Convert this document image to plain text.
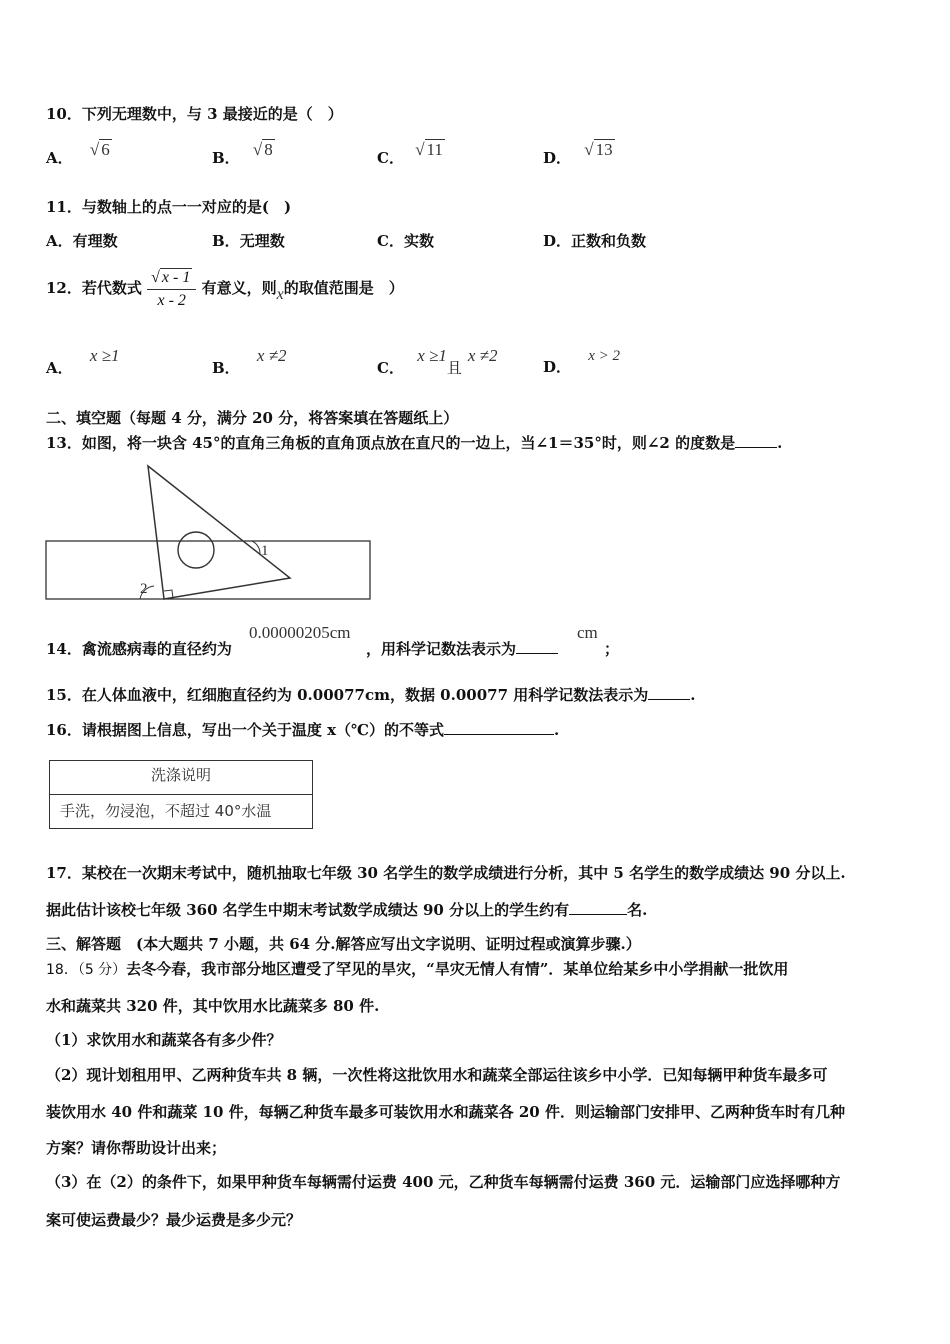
10．下列无理数中，与 3 最接近的是（　）
A． √ 6	B． √ 8	C． √ 11	D． √ 13
11．与数轴上的点一一对应的是(　)
A．有理数	B．无理数	C．实数	D．正数和负数
12．若代数式 $\frac{√ x - 1}{x - 2}$ 有意义，则x的取值范围是　）
A． x ≥1
B． x ≠2
C． x ≥1且x ≠2
D． x > 2
二、填空题（每题 4 分，满分 20 分，将答案填在答题纸上）
13．如图，将一块含 45°的直角三角板的直角顶点放在直尺的一边上，当∠1＝35°时，则∠2 的度数是	.
1
2
14．禽流感病毒的直径约为
0.00000205cm
，用科学记数法表示为
cm
；
15．在人体血液中，红细胞直径约为 0.00077cm，数据 0.00077 用科学记数法表示为	.
16．请根据图上信息，写出一个关于温度 x（℃）的不等式	.
洗涤说明
手洗，勿浸泡，不超过 40°水温
17．某校在一次期末考试中，随机抽取七年级 30 名学生的数学成绩进行分析，其中 5 名学生的数学成绩达 90 分以上.
据此估计该校七年级 360 名学生中期末考试数学成绩达 90 分以上的学生约有	名.
三、解答题　(本大题共 7 小题，共 64 分.解答应写出文字说明、证明过程或演算步骤.）
18．（5 分）去冬今春，我市部分地区遭受了罕见的旱灾，“旱灾无情人有情”．某单位给某乡中小学捐献一批饮用
水和蔬菜共 320 件，其中饮用水比蔬菜多 80 件.
（1）求饮用水和蔬菜各有多少件？
（2）现计划租用甲、乙两种货车共 8 辆，一次性将这批饮用水和蔬菜全部运往该乡中小学．已知每辆甲种货车最多可
装饮用水 40 件和蔬菜 10 件，每辆乙种货车最多可装饮用水和蔬菜各 20 件．则运输部门安排甲、乙两种货车时有几种
方案？请你帮助设计出来；
（3）在（2）的条件下，如果甲种货车每辆需付运费 400 元，乙种货车每辆需付运费 360 元．运输部门应选择哪种方
案可使运费最少？最少运费是多少元？
